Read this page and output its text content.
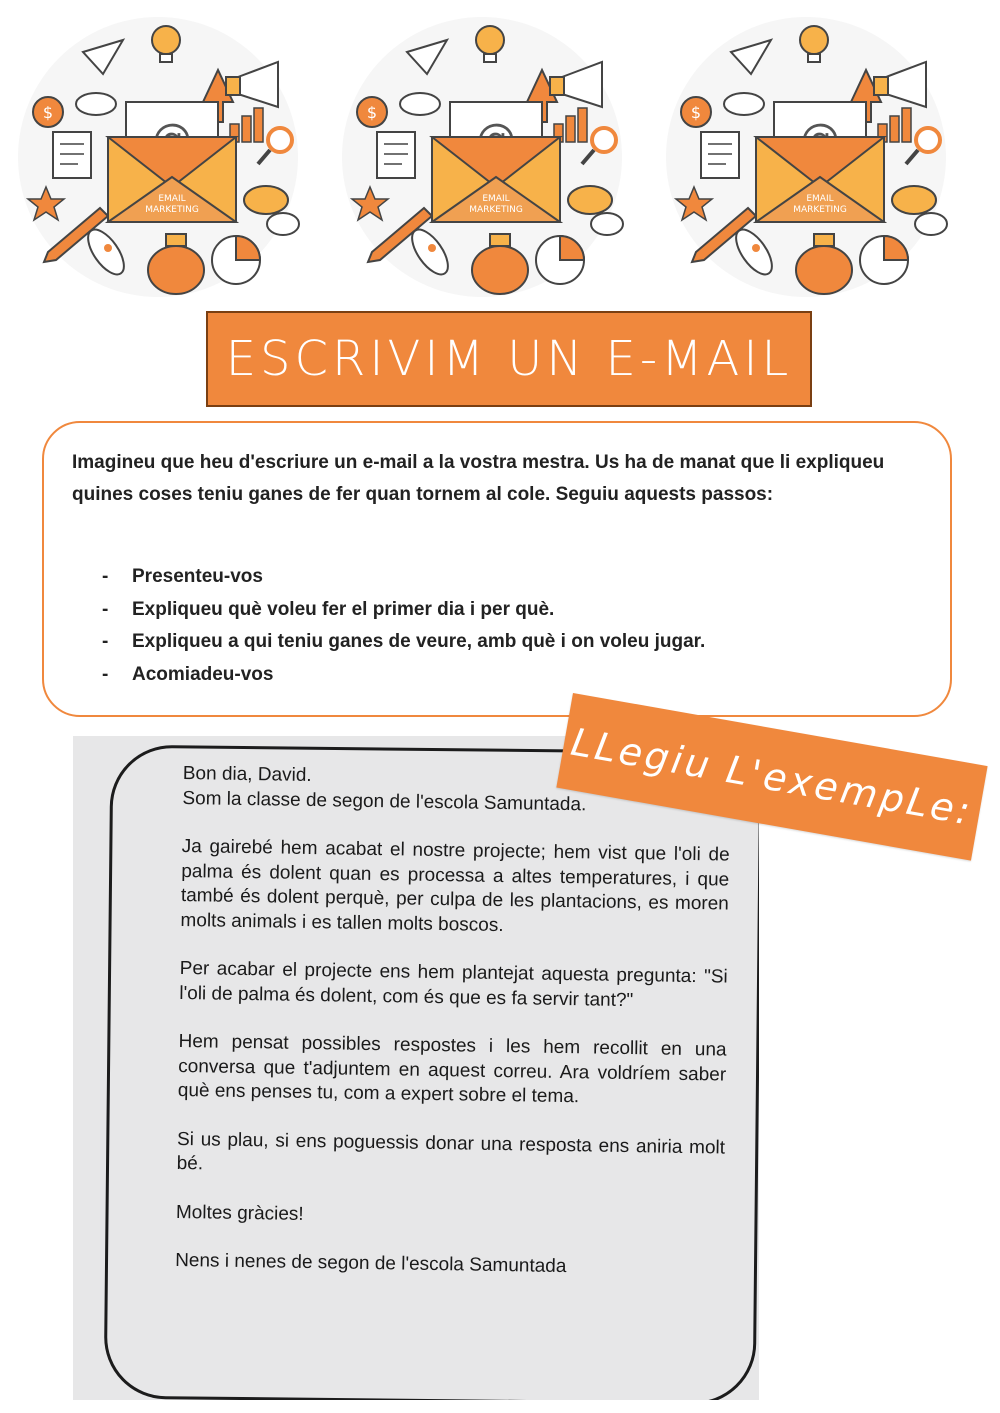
$
EMAIL
MARKETING
$
EMAIL
MARKETING
$
EMAIL
MARKETING
ESCRIVIM UN E-MAIL

Imagineu que heu d'escriure un e-mail a la vostra mestra. Us ha de manat que li expliqueu quines coses teniu ganes de fer quan tornem al cole. Seguiu aquests passos:

- Presenteu-vos
- Expliqueu què voleu fer el primer dia i per què.
- Expliqueu a qui teniu ganes de veure, amb què i on voleu jugar.
- Acomiadeu-vos

Bon dia, David.

Som la classe de segon de l'escola Samuntada.

Ja gairebé hem acabat el nostre projecte; hem vist que l'oli de palma és dolent quan es processa a altes temperatures, i que també és dolent perquè, per culpa de les plantacions, es moren molts animals i es tallen molts boscos.

Per acabar el projecte ens hem plantejat aquesta pregunta: "Si l'oli de palma és dolent, com és que es fa servir tant?"

Hem pensat possibles respostes i les hem recollit en una conversa que t'adjuntem en aquest correu. Ara voldríem saber què ens penses tu, com a expert sobre el tema.

Si us plau, si ens poguessis donar una resposta ens aniria molt bé.

Moltes gràcies!

Nens i nenes de segon de l'escola Samuntada

LLegiu L'exempLe:
